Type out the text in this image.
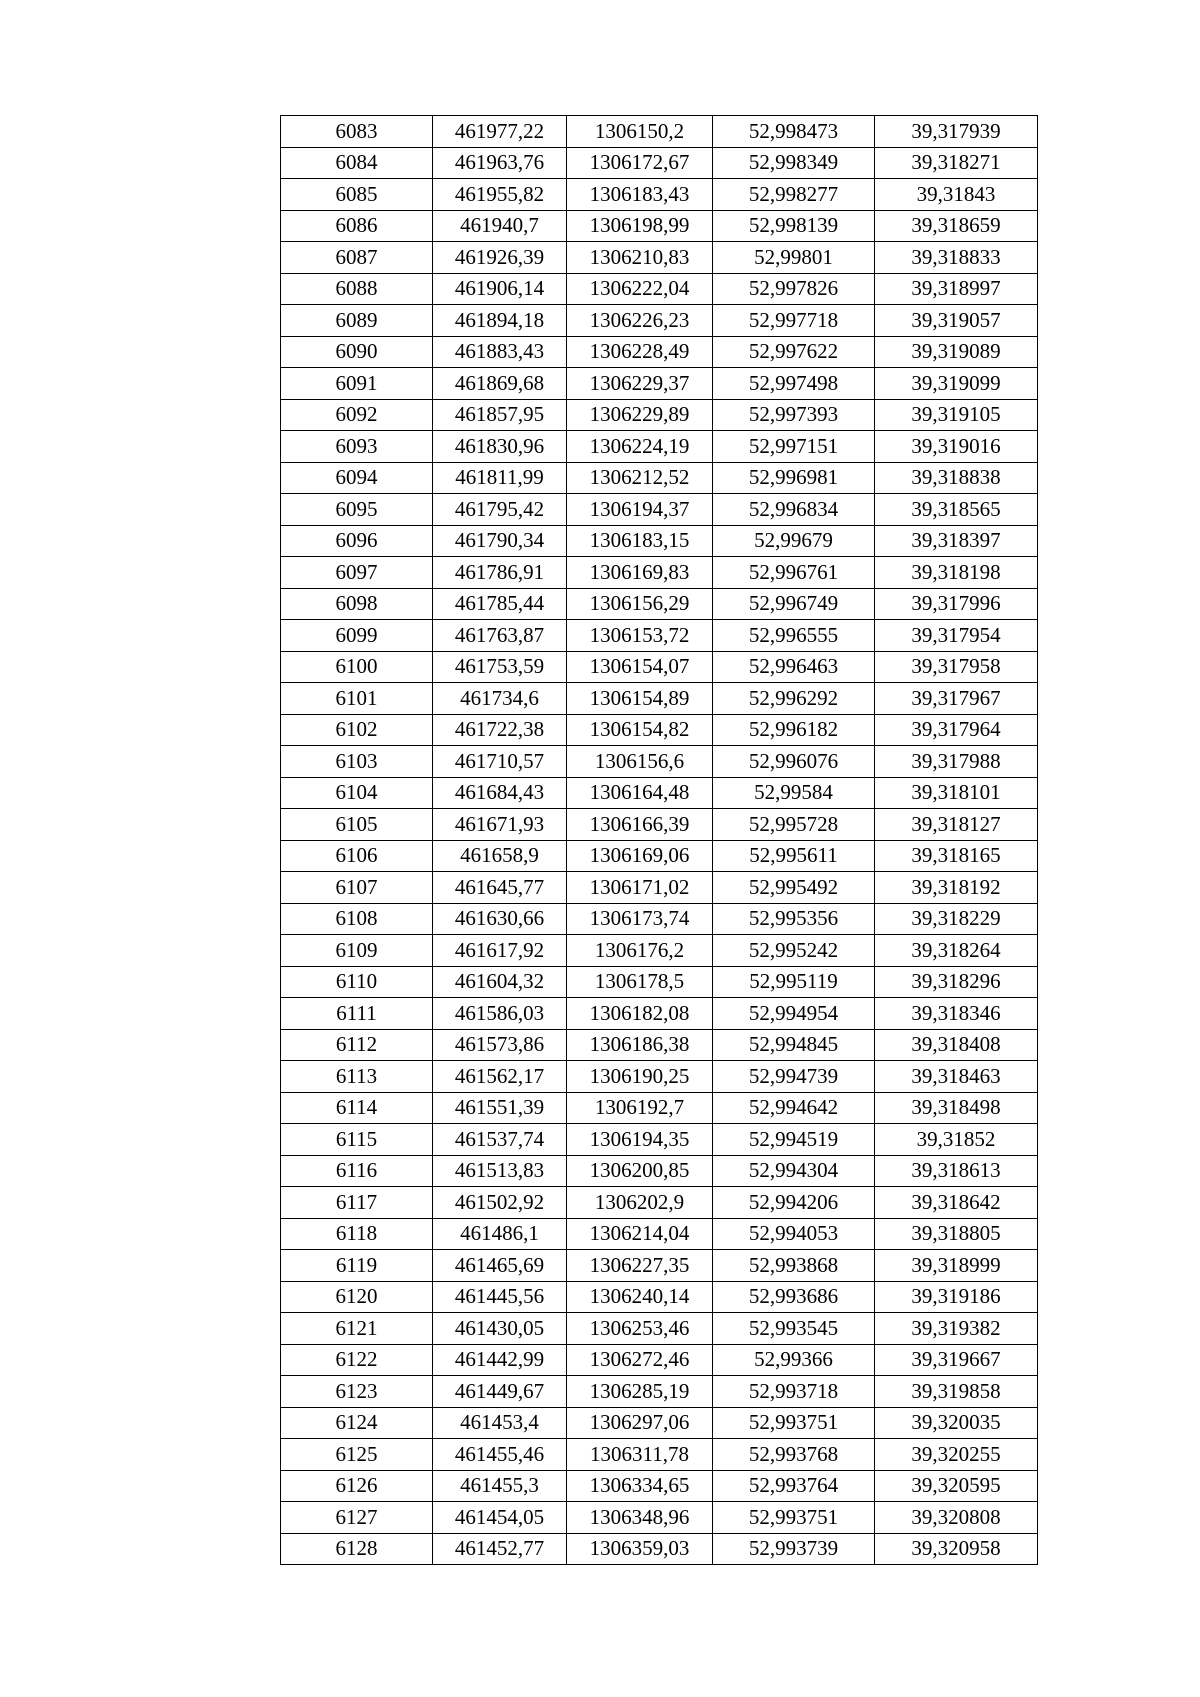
6083	461977,22	1306150,2	52,998473	39,317939
6084	461963,76	1306172,67	52,998349	39,318271
6085	461955,82	1306183,43	52,998277	39,31843
6086	461940,7	1306198,99	52,998139	39,318659
6087	461926,39	1306210,83	52,99801	39,318833
6088	461906,14	1306222,04	52,997826	39,318997
6089	461894,18	1306226,23	52,997718	39,319057
6090	461883,43	1306228,49	52,997622	39,319089
6091	461869,68	1306229,37	52,997498	39,319099
6092	461857,95	1306229,89	52,997393	39,319105
6093	461830,96	1306224,19	52,997151	39,319016
6094	461811,99	1306212,52	52,996981	39,318838
6095	461795,42	1306194,37	52,996834	39,318565
6096	461790,34	1306183,15	52,99679	39,318397
6097	461786,91	1306169,83	52,996761	39,318198
6098	461785,44	1306156,29	52,996749	39,317996
6099	461763,87	1306153,72	52,996555	39,317954
6100	461753,59	1306154,07	52,996463	39,317958
6101	461734,6	1306154,89	52,996292	39,317967
6102	461722,38	1306154,82	52,996182	39,317964
6103	461710,57	1306156,6	52,996076	39,317988
6104	461684,43	1306164,48	52,99584	39,318101
6105	461671,93	1306166,39	52,995728	39,318127
6106	461658,9	1306169,06	52,995611	39,318165
6107	461645,77	1306171,02	52,995492	39,318192
6108	461630,66	1306173,74	52,995356	39,318229
6109	461617,92	1306176,2	52,995242	39,318264
6110	461604,32	1306178,5	52,995119	39,318296
6111	461586,03	1306182,08	52,994954	39,318346
6112	461573,86	1306186,38	52,994845	39,318408
6113	461562,17	1306190,25	52,994739	39,318463
6114	461551,39	1306192,7	52,994642	39,318498
6115	461537,74	1306194,35	52,994519	39,31852
6116	461513,83	1306200,85	52,994304	39,318613
6117	461502,92	1306202,9	52,994206	39,318642
6118	461486,1	1306214,04	52,994053	39,318805
6119	461465,69	1306227,35	52,993868	39,318999
6120	461445,56	1306240,14	52,993686	39,319186
6121	461430,05	1306253,46	52,993545	39,319382
6122	461442,99	1306272,46	52,99366	39,319667
6123	461449,67	1306285,19	52,993718	39,319858
6124	461453,4	1306297,06	52,993751	39,320035
6125	461455,46	1306311,78	52,993768	39,320255
6126	461455,3	1306334,65	52,993764	39,320595
6127	461454,05	1306348,96	52,993751	39,320808
6128	461452,77	1306359,03	52,993739	39,320958
